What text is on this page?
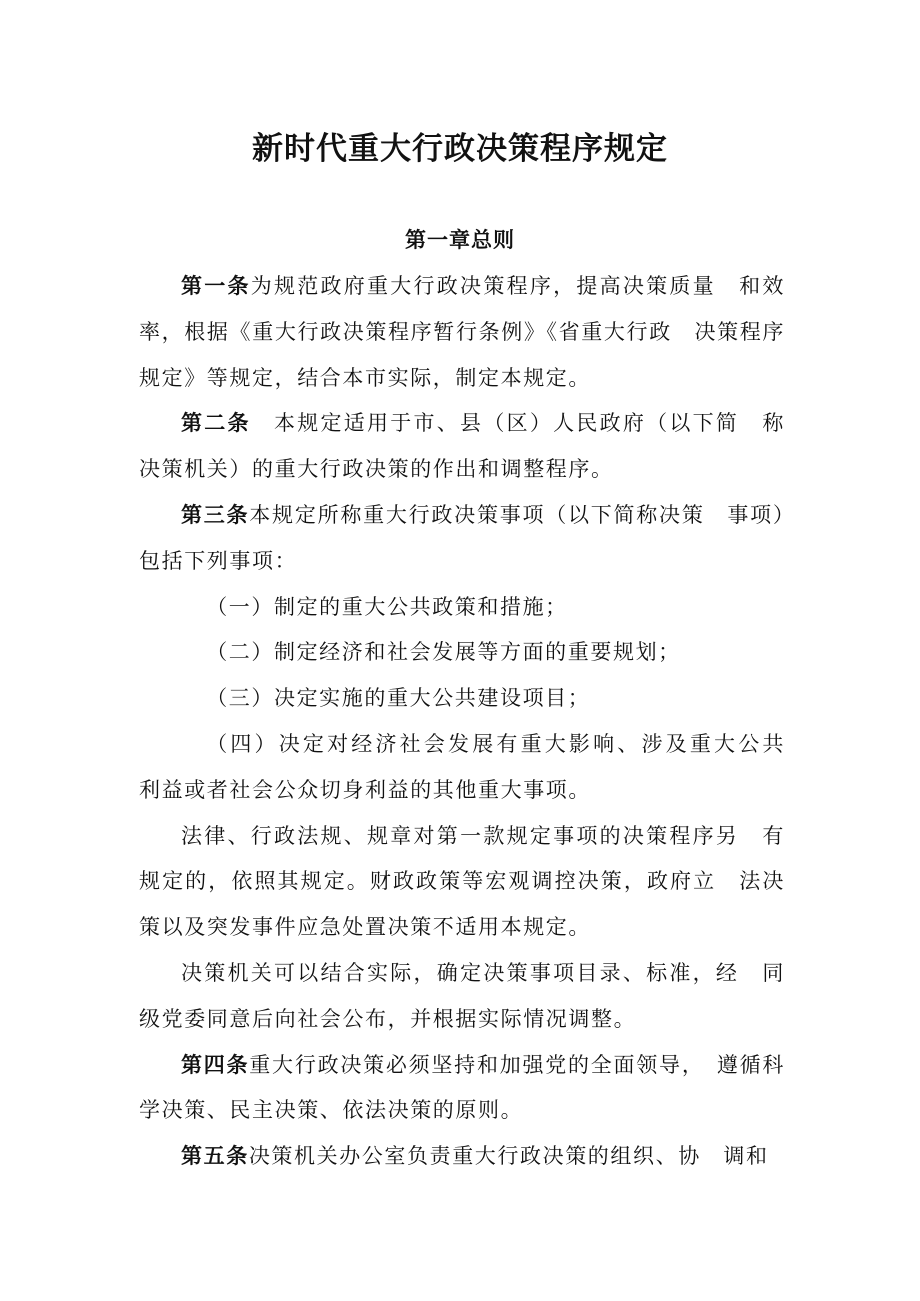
新时代重大行政决策程序规定
第一章总则

第一条为规范政府重大行政决策程序，提高决策质量　和效率，根据《重大行政决策程序暂行条例》《省重大行政　决策程序规定》等规定，结合本市实际，制定本规定。

第二条　本规定适用于市、县（区）人民政府（以下简　称决策机关）的重大行政决策的作出和调整程序。

第三条本规定所称重大行政决策事项（以下简称决策　事项）包括下列事项：

（一）制定的重大公共政策和措施；

（二）制定经济和社会发展等方面的重要规划；

（三）决定实施的重大公共建设项目；

（四）决定对经济社会发展有重大影响、涉及重大公共　利益或者社会公众切身利益的其他重大事项。

法律、行政法规、规章对第一款规定事项的决策程序另　有规定的，依照其规定。财政政策等宏观调控决策，政府立　法决策以及突发事件应急处置决策不适用本规定。

决策机关可以结合实际，确定决策事项目录、标准，经　同级党委同意后向社会公布，并根据实际情况调整。

第四条重大行政决策必须坚持和加强党的全面领导，　遵循科学决策、民主决策、依法决策的原则。

第五条决策机关办公室负责重大行政决策的组织、协　调和
